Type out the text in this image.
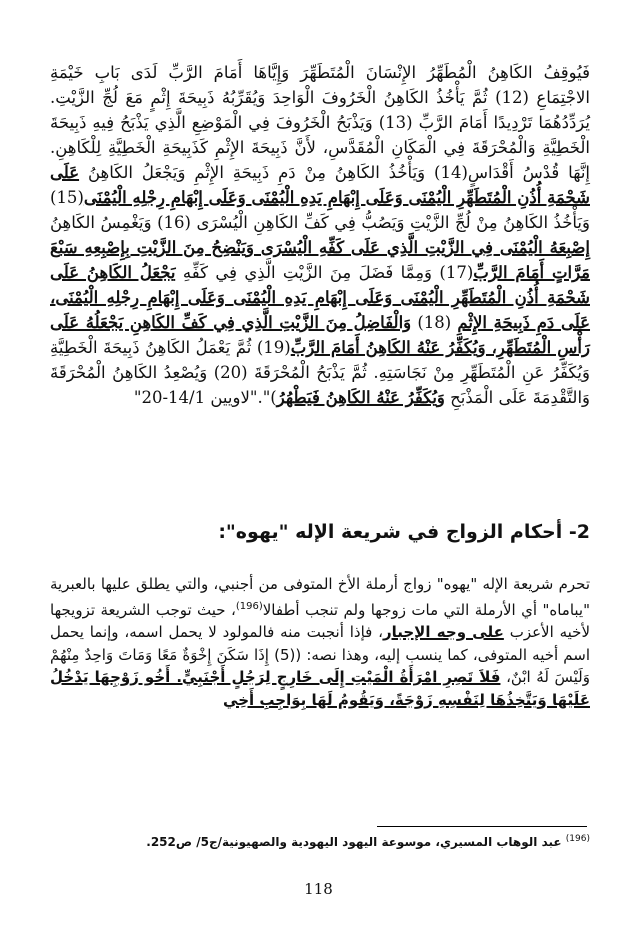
فَيُوقِفُ الكَاهِنُ الْمُطَهِّرُ الإِنْسَانَ الْمُتَطَهِّرَ وَإِيَّاهَا أَمَامَ الرَّبِّ لَدَى بَابِ خَيْمَةِ الاجْتِمَاعِ (12) ثُمَّ يَأْخُذُ الكَاهِنُ الْخَرُوفَ الْوَاحِدَ وَيُقَرِّبُهُ ذَبِيحَةَ إِثْمٍ مَعَ لُجِّ الزَّيْتِ. يُرَدِّدُهُمَا تَرْدِيدًا أَمَامَ الرَّبِّ (13) وَيَذْبَحُ الْخَرُوفَ فِي الْمَوْضِعِ الَّذِي يَذْبَحُ فِيهِ ذَبِيحَةَ الْخَطِيَّةِ وَالْمُحْرَقَةَ فِي الْمَكَانِ الْمُقَدَّسِ، لأَنَّ ذَبِيحَةَ الإِثْمِ كَذَبِيحَةِ الْخَطِيَّةِ لِلْكَاهِنِ. إِنَّهَا قُدْسُ أَقْدَاسٍ(14) وَيَأْخُذُ الكَاهِنُ مِنْ دَمِ ذَبِيحَةِ الإِثْمِ وَيَجْعَلُ الكَاهِنُ عَلَى شَحْمَةِ أُذُنِ الْمُتَطَهِّرِ الْيُمْنَى وَعَلَى إِبْهَامِ يَدِهِ الْيُمْنَى وَعَلَى إِبْهَامِ رِجْلِهِ الْيُمْنَى(15) وَيَأْخُذُ الكَاهِنُ مِنْ لُجِّ الزَّيْتِ وَيَصُبُّ فِي كَفِّ الكَاهِنِ الْيُسْرَى (16) وَيَغْمِسُ الكَاهِنُ إِصْبِعَهُ الْيُمْنَى فِي الزَّيْتِ الَّذِي عَلَى كَفِّهِ الْيُسْرَى وَيَنْضِحُ مِنَ الزَّيْتِ بِإِصْبِعِهِ سَبْعَ مَرَّاتٍ أَمَامَ الرَّبِّ(17) وَمِمَّا فَضَلَ مِنَ الزَّيْتِ الَّذِي فِي كَفِّهِ يَجْعَلُ الكَاهِنُ عَلَى شَحْمَةِ أُذُنِ الْمُتَطَهِّرِ الْيُمْنَى وَعَلَى إِبْهَامِ يَدِهِ الْيُمْنَى وَعَلَى إِبْهَامِ رِجْلِهِ الْيُمْنَى، عَلَى دَمِ ذَبِيحَةِ الإِثْمِ (18) وَالْفَاضِلُ مِنَ الزَّيْتِ الَّذِي فِي كَفِّ الكَاهِنِ يَجْعَلُهُ عَلَى رَأْسِ الْمُتَطَهِّرِ، وَيُكَفِّرُ عَنْهُ الكَاهِنُ أَمَامَ الرَّبِّ(19) ثُمَّ يَعْمَلُ الكَاهِنُ ذَبِيحَةَ الْخَطِيَّةِ وَيُكَفِّرُ عَنِ الْمُتَطَهِّرِ مِنْ نَجَاسَتِهِ. ثُمَّ يَذْبَحُ الْمُحْرَقَةَ (20) وَيُصْعِدُ الكَاهِنُ الْمُحْرَقَةَ وَالتَّقْدِمَةَ عَلَى الْمَذْبَحِ وَيُكَفِّرُ عَنْهُ الكَاهِنُ فَيَطْهُرُ)"."لاويين 14/1-20"
2- أحكام الزواج في شريعة الإله "يهوه":
تحرم شريعة الإله "يهوه" زواج أرملة الأخ المتوفى من أجنبي، والتي يطلق عليها بالعبرية "يباماه" أي الأرملة التي مات زوجها ولم تنجب أطفالا$^{(196)}$، حيث توجب الشريعة تزويجها لأخيه الأعزب على وجه الإجبار، فإذا أنجبت منه فالمولود لا يحمل اسمه، وإنما يحمل اسم أخيه المتوفى، كما ينسب إليه، وهذا نصه: ((5) إِذَا سَكَنَ إِخْوَةٌ مَعًا وَمَاتَ وَاحِدٌ مِنْهُمْ وَلَيْسَ لَهُ ابْنٌ، فَلاَ تَصِرِ امْرَأَةُ الْمَيْتِ إِلَى خَارِجٍ لِرَجُلٍ أَجْنَبِيٍّ. أَخُو زَوْجِهَا يَدْخُلُ عَلَيْهَا وَيَتَّخِذُهَا لِنَفْسِهِ زَوْجَةً، وَيَقُومُ لَهَا بِوَاجِبِ أَخِي
$^{(196)}$ عبد الوهاب المسيري، موسوعة اليهود اليهودية والصهيونية/ج5/ ص252.
118
